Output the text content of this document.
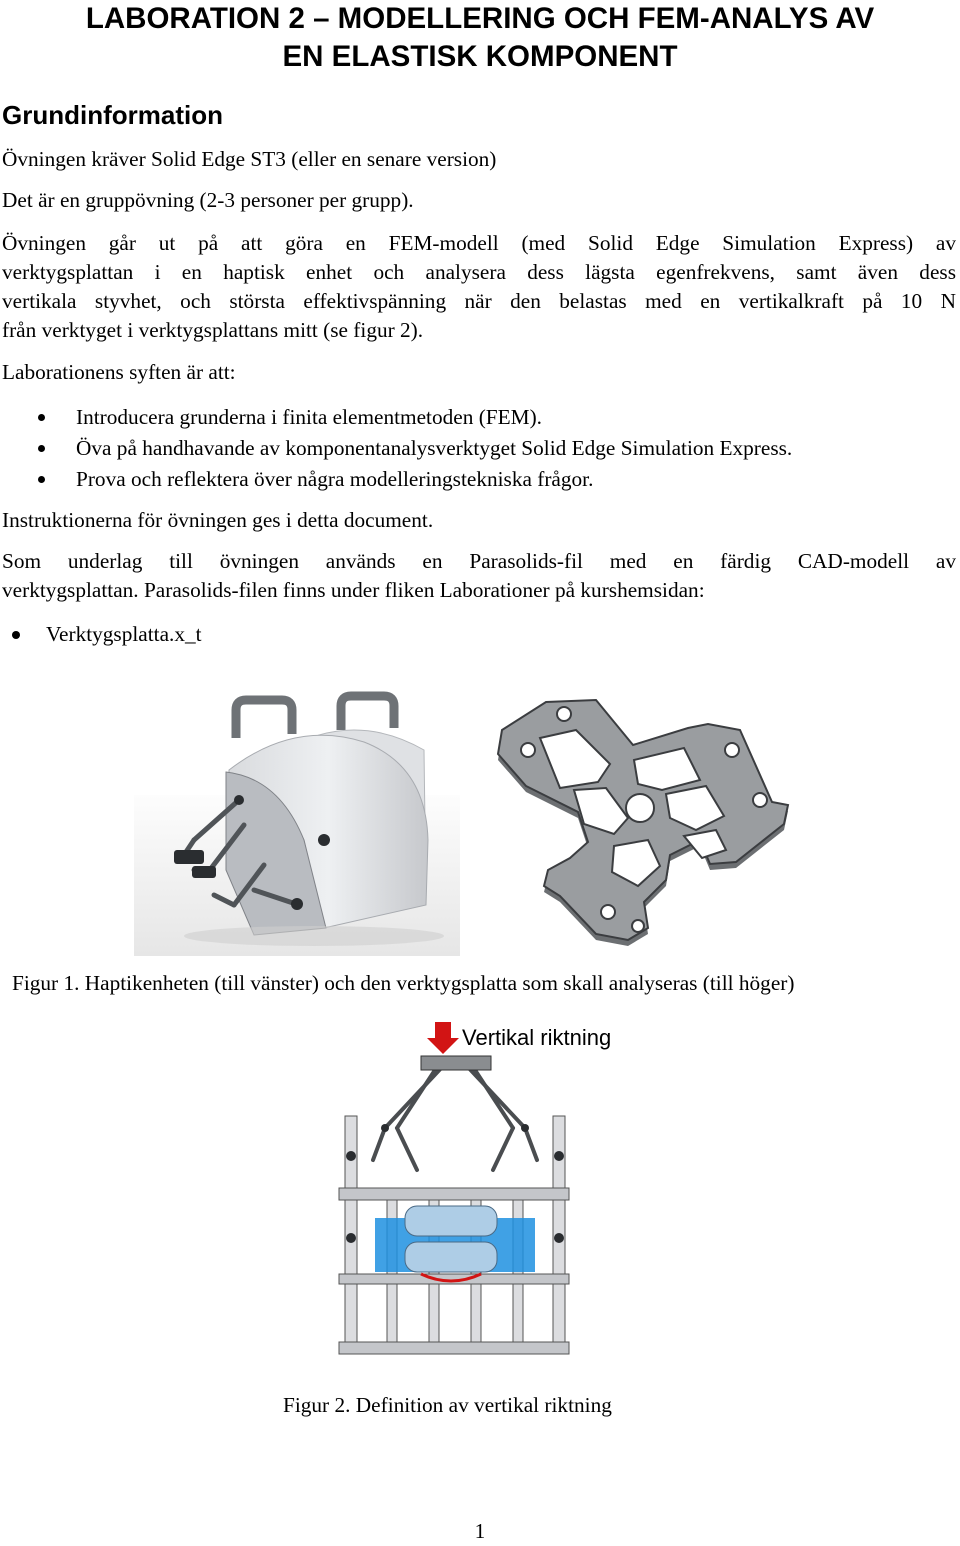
LABORATION 2 – MODELLERING OCH FEM-ANALYS AV
EN ELASTISK KOMPONENT
Grundinformation

Övningen kräver Solid Edge ST3 (eller en senare version)

Det är en gruppövning (2-3 personer per grupp).

Övningen går ut på att göra en FEM-modell (med Solid Edge Simulation Express) av

verktygsplattan i en haptisk enhet och analysera dess lägsta egenfrekvens, samt även dess

vertikala styvhet, och största effektivspänning när den belastas med en vertikalkraft på 10 N

från verktyget i verktygsplattans mitt (se figur 2).

Laborationens syften är att:

Introducera grunderna i finita elementmetoden (FEM).
Öva på handhavande av komponentanalysverktyget Solid Edge Simulation Express.
Prova och reflektera över några modelleringstekniska frågor.

Instruktionerna för övningen ges i detta document.

Som underlag till övningen används en Parasolids-fil med en färdig CAD-modell av

verktygsplattan. Parasolids-filen finns under fliken Laborationer på kurshemsidan:

Verktygsplatta.x_t

Figur 1. Haptikenheten (till vänster) och den verktygsplatta som skall analyseras (till höger)

Vertikal riktning

Figur 2. Definition av vertikal riktning

1
